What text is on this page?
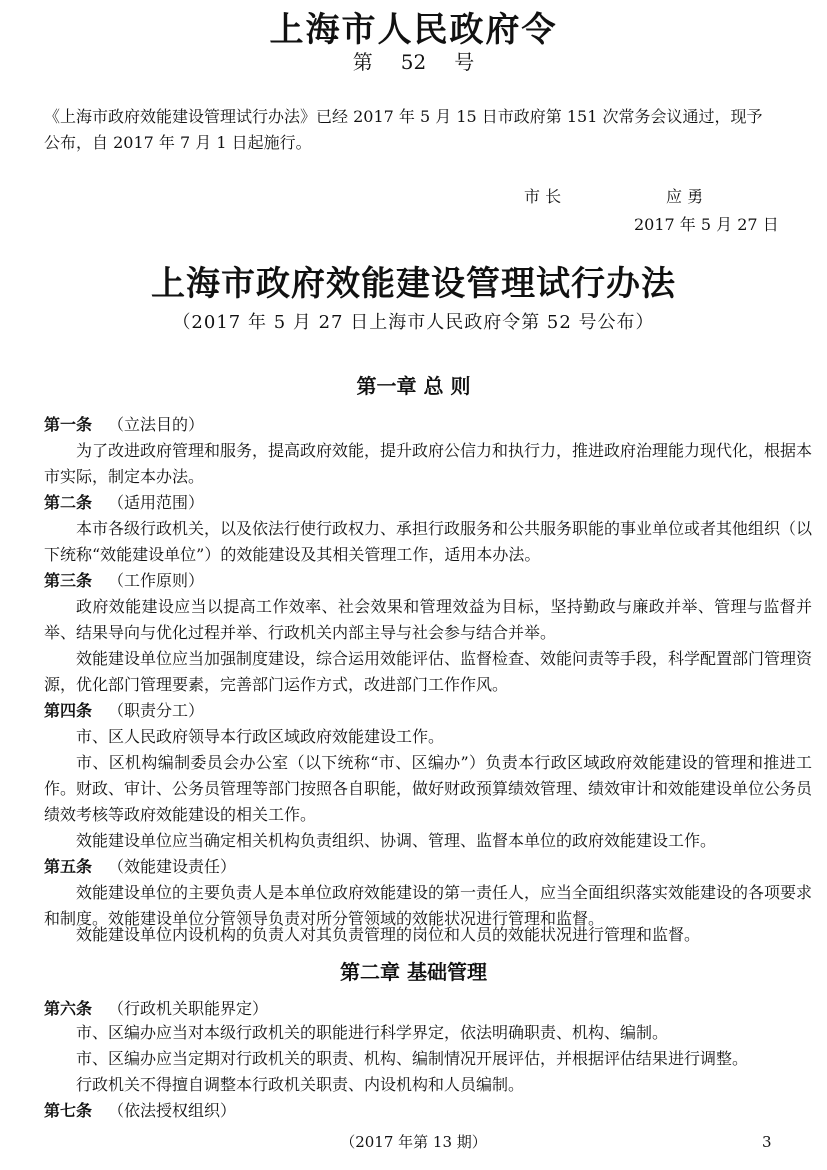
上海市人民政府令
第 52 号
《上海市政府效能建设管理试行办法》已经 2017 年 5 月 15 日市政府第 151 次常务会议通过，现予
公布，自 2017 年 7 月 1 日起施行。
市 长	应 勇
2017 年 5 月 27 日
上海市政府效能建设管理试行办法
（2017 年 5 月 27 日上海市人民政府令第 52 号公布）
第一章 总 则
第一条 （立法目的）
为了改进政府管理和服务，提高政府效能，提升政府公信力和执行力，推进政府治理能力现代化，根据本市实际，制定本办法。
第二条 （适用范围）
本市各级行政机关，以及依法行使行政权力、承担行政服务和公共服务职能的事业单位或者其他组织（以下统称“效能建设单位”）的效能建设及其相关管理工作，适用本办法。
第三条 （工作原则）
政府效能建设应当以提高工作效率、社会效果和管理效益为目标，坚持勤政与廉政并举、管理与监督并举、结果导向与优化过程并举、行政机关内部主导与社会参与结合并举。
效能建设单位应当加强制度建设，综合运用效能评估、监督检查、效能问责等手段，科学配置部门管理资源，优化部门管理要素，完善部门运作方式，改进部门工作作风。
第四条 （职责分工）
市、区人民政府领导本行政区域政府效能建设工作。
市、区机构编制委员会办公室（以下统称“市、区编办”）负责本行政区域政府效能建设的管理和推进工作。 财政、审计、公务员管理等部门按照各自职能，做好财政预算绩效管理、绩效审计和效能建设单位公务员绩效考核等政府效能建设的相关工作。
效能建设单位应当确定相关机构负责组织、协调、管理、监督本单位的政府效能建设工作。
第五条 （效能建设责任）
效能建设单位的主要负责人是本单位政府效能建设的第一责任人，应当全面组织落实效能建设的各项要求和制度。效能建设单位分管领导负责对所分管领域的效能状况进行管理和监督。
效能建设单位内设机构的负责人对其负责管理的岗位和人员的效能状况进行管理和监督。
第二章 基础管理
第六条 （行政机关职能界定）
市、区编办应当对本级行政机关的职能进行科学界定，依法明确职责、机构、编制。
市、区编办应当定期对行政机关的职责、机构、编制情况开展评估，并根据评估结果进行调整。
行政机关不得擅自调整本行政机关职责、内设机构和人员编制。
第七条 （依法授权组织）
（2017 年第 13 期）	3
